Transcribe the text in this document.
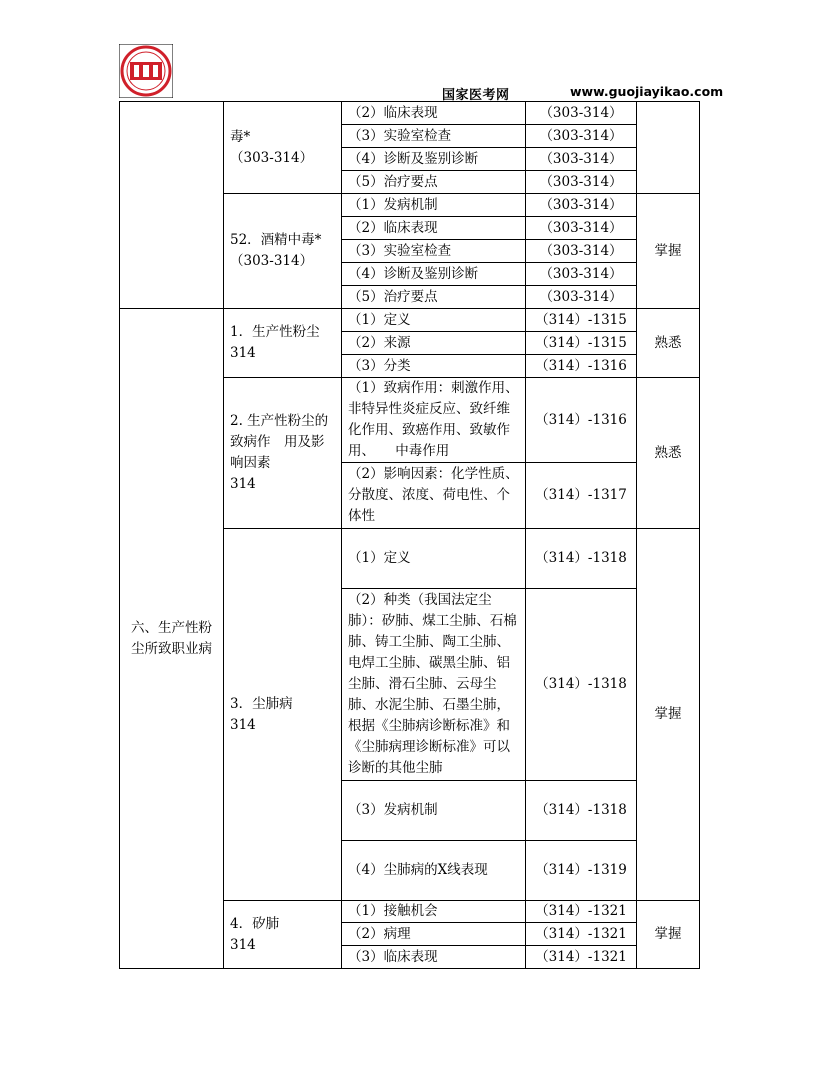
国家医考网	www.guojiayikao.com

	毒*
（303-314）	（2）临床表现	（303-314）	
		（3）实验室检查	（303-314）	
		（4）诊断及鉴别诊断	（303-314）	
		（5）治疗要点	（303-314）	

	52．酒精中毒*
（303-314）	（1）发病机制	（303-314）	掌握
		（2）临床表现	（303-314）	
		（3）实验室检查	（303-314）	
		（4）诊断及鉴别诊断	（303-314）	
		（5）治疗要点	（303-314）	
六、生产性粉尘所致职业病	1．生产性粉尘
314	（1）定义	（314）-1315	熟悉
		（2）来源	（314）-1315	
		（3）分类	（314）-1316	

	2. 生产性粉尘的致病作　用及影响因素
314	（1）致病作用：刺激作用、非特异性炎症反应、致纤维化作用、致癌作用、致敏作用、　　中毒作用	（314）-1316	熟悉
		（2）影响因素：化学性质、分散度、浓度、荷电性、个体性	（314）-1317	

	3．尘肺病
314	（1）定义	（314）-1318	掌握
		（2）种类（我国法定尘肺）：矽肺、煤工尘肺、石棉肺、铸工尘肺、陶工尘肺、电焊工尘肺、碳黑尘肺、铝尘肺、滑石尘肺、云母尘肺、水泥尘肺、石墨尘肺，根据《尘肺病诊断标准》和《尘肺病理诊断标准》可以诊断的其他尘肺	（314）-1318	
		（3）发病机制	（314）-1318	
		（4）尘肺病的X线表现	（314）-1319	

	4．矽肺
314	（1）接触机会	（314）-1321	掌握
		（2）病理	（314）-1321	
		（3）临床表现	（314）-1321	
